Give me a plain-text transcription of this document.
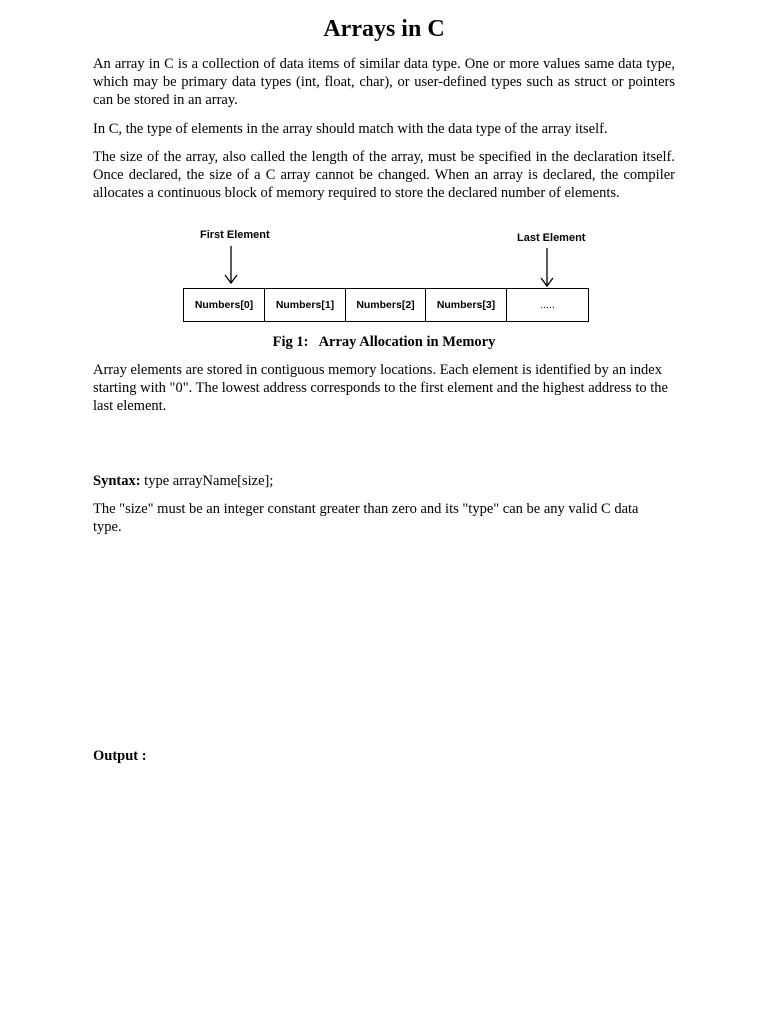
Arrays in C

An array in C is a collection of data items of similar data type. One or more values same data type, which may be primary data types (int, float, char), or user-defined types such as struct or pointers can be stored in an array.

In C, the type of elements in the array should match with the data type of the array itself.

The size of the array, also called the length of the array, must be specified in the declaration itself. Once declared, the size of a C array cannot be changed. When an array is declared, the compiler allocates a continuous block of memory required to store the declared number of elements.

First Element	Last Element

Numbers[0]	Numbers[1]	Numbers[2]	Numbers[3]	.....

Fig 1: Array Allocation in Memory

Array elements are stored in contiguous memory locations. Each element is identified by an index starting with "0". The lowest address corresponds to the first element and the highest address to the last element.

Syntax: type arrayName[size];

The "size" must be an integer constant greater than zero and its "type" can be any valid C data type.

Output :
